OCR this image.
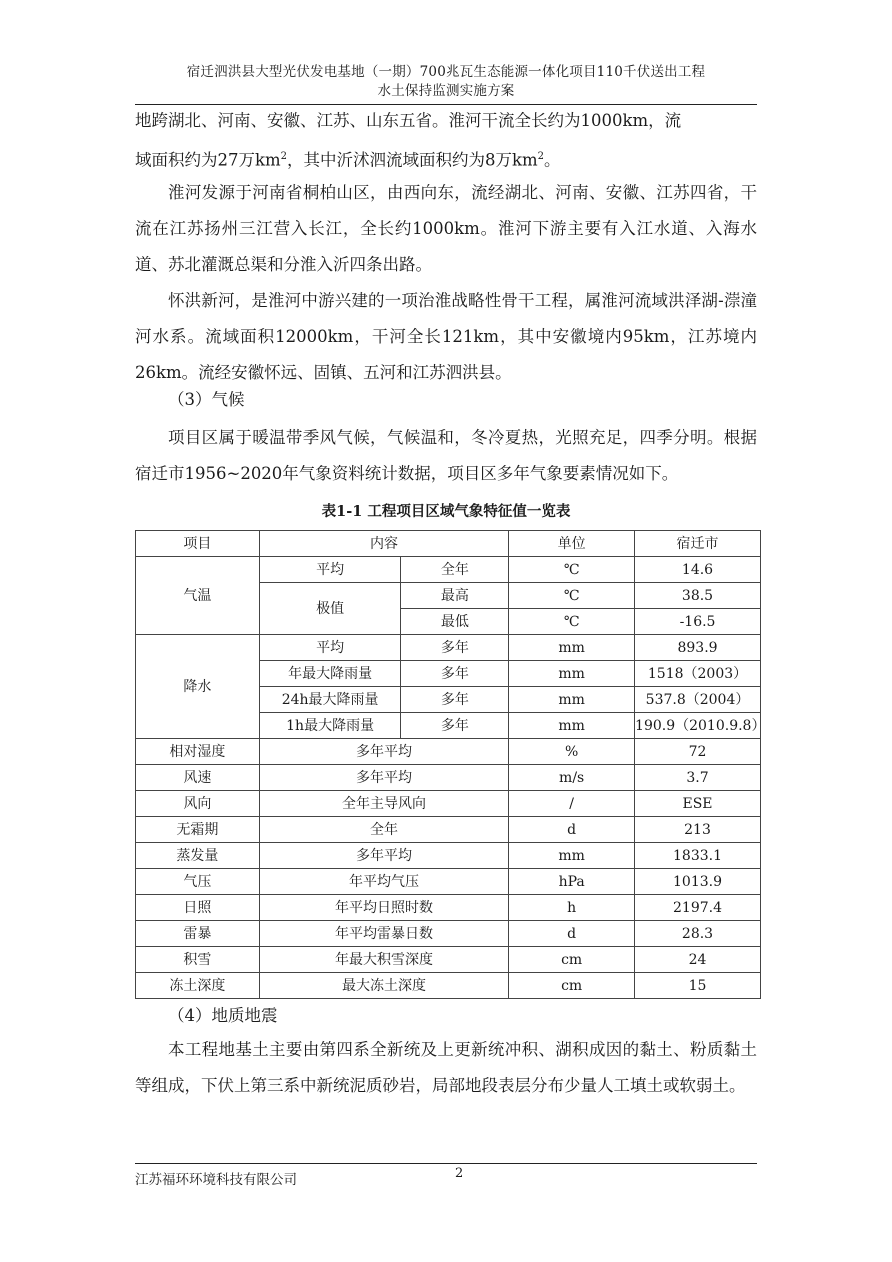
宿迁泗洪县大型光伏发电基地（一期）700兆瓦生态能源一体化项目110千伏送出工程
水土保持监测实施方案

地跨湖北、河南、安徽、江苏、山东五省。淮河干流全长约为1000km，流

域面积约为27万$km^2$，其中沂沭泗流域面积约为8万$km^2$。

淮河发源于河南省桐柏山区，由西向东，流经湖北、河南、安徽、江苏四省，干流在江苏扬州三江营入长江，全长约1000km。淮河下游主要有入江水道、入海水道、苏北灌溉总渠和分淮入沂四条出路。

怀洪新河，是淮河中游兴建的一项治淮战略性骨干工程，属淮河流域洪泽湖-漴潼河水系。流域面积12000km，干河全长121km，其中安徽境内95km，江苏境内26km。流经安徽怀远、固镇、五河和江苏泗洪县。

（3）气候

项目区属于暖温带季风气候，气候温和，冬冷夏热，光照充足，四季分明。根据宿迁市1956~2020年气象资料统计数据，项目区多年气象要素情况如下。

表1-1 工程项目区域气象特征值一览表
项目	内容		单位	宿迁市
气温	平均	全年	℃	14.6
	极值	最高	℃	38.5
		最低	℃	-16.5
降水	平均	多年	mm	893.9
	年最大降雨量	多年	mm	1518（2003）
	24h最大降雨量	多年	mm	537.8（2004）
	1h最大降雨量	多年	mm	190.9（2010.9.8）
相对湿度	多年平均		%	72
风速	多年平均		m/s	3.7
风向	全年主导风向		/	ESE
无霜期	全年		d	213
蒸发量	多年平均		mm	1833.1
气压	年平均气压		hPa	1013.9
日照	年平均日照时数		h	2197.4
雷暴	年平均雷暴日数		d	28.3
积雪	年最大积雪深度		cm	24
冻土深度	最大冻土深度		cm	15

（4）地质地震

本工程地基土主要由第四系全新统及上更新统冲积、湖积成因的黏土、粉质黏土等组成，下伏上第三系中新统泥质砂岩，局部地段表层分布少量人工填土或软弱土。

江苏福环环境科技有限公司	2
